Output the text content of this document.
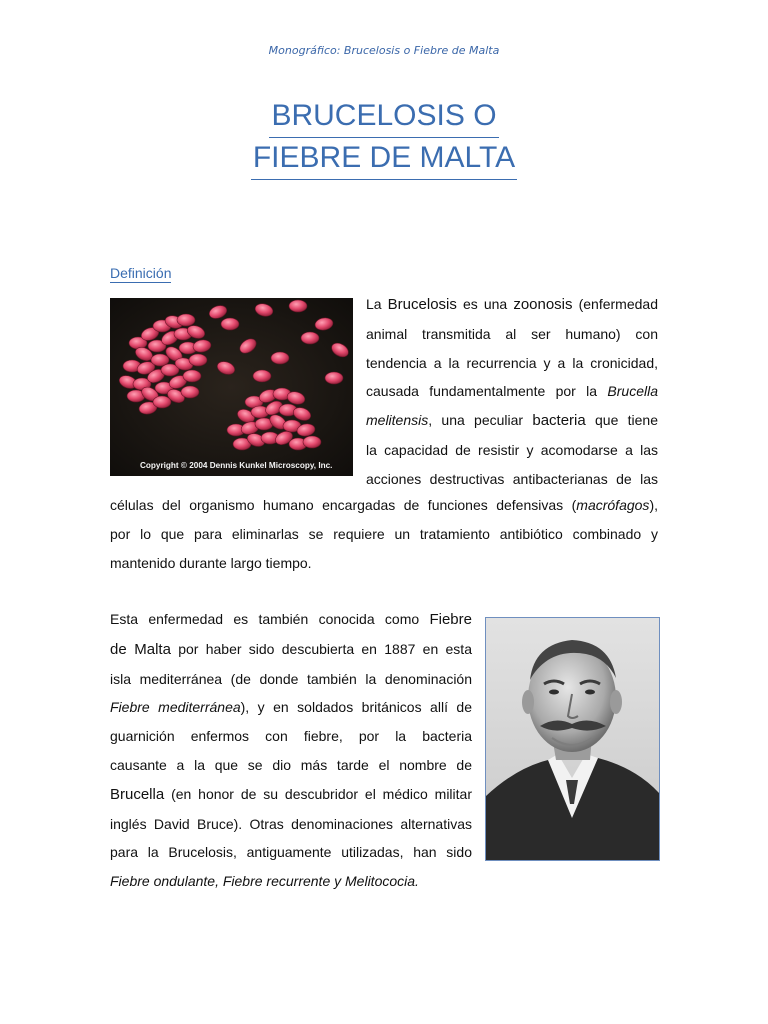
Monográfico: Brucelosis o Fiebre de Malta
BRUCELOSIS O
FIEBRE DE MALTA
Definición
Copyright © 2004 Dennis Kunkel Microscopy, Inc.
La Brucelosis es una zoonosis (enfermedad
animal transmitida al ser humano) con
tendencia a la recurrencia y a la cronicidad,
causada fundamentalmente por la Brucella
melitensis, una peculiar bacteria que tiene
la capacidad de resistir y acomodarse a las
acciones destructivas antibacterianas de las
células del organismo humano encargadas de funciones defensivas (macrófagos),
por lo que para eliminarlas se requiere un tratamiento antibiótico combinado y
mantenido durante largo tiempo.
Esta enfermedad es también conocida como Fiebre
de Malta por haber sido descubierta en 1887 en esta
isla mediterránea (de donde también la denominación
Fiebre mediterránea), y en soldados británicos allí de
guarnición enfermos con fiebre, por la bacteria
causante a la que se dio más tarde el nombre de
Brucella (en honor de su descubridor el médico militar
inglés David Bruce). Otras denominaciones alternativas
para la Brucelosis, antiguamente utilizadas, han sido
Fiebre ondulante, Fiebre recurrente y Melitococia.
